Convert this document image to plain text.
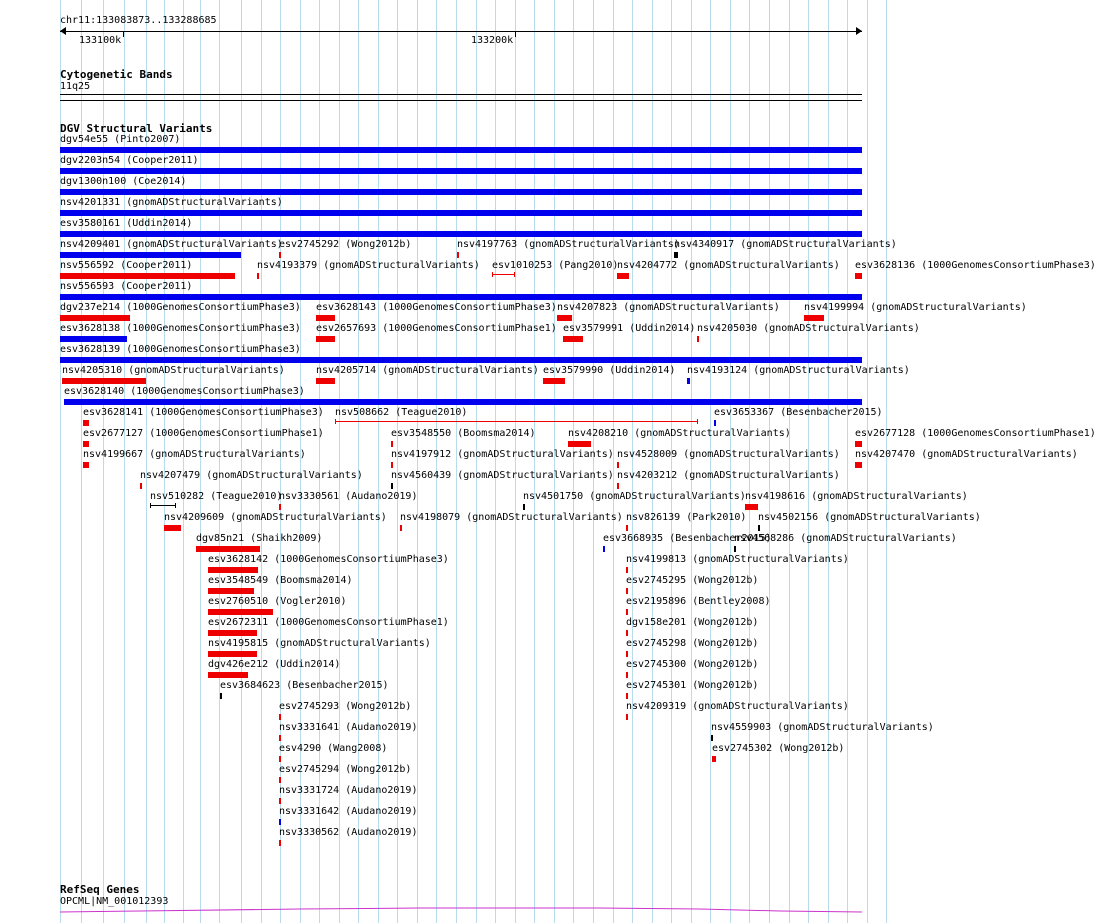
chr11:133083873..133288685
133100k	133200k
Cytogenetic Bands
11q25
DGV Structural Variants
dgv54e55 (Pinto2007)
dgv2203n54 (Cooper2011)
dgv1300n100 (Coe2014)
nsv4201331 (gnomADStructuralVariants)
esv3580161 (Uddin2014)
nsv4209401 (gnomADStructuralVariants)
esv2745292 (Wong2012b)	nsv4197763 (gnomADStructuralVariants)
nsv4340917 (gnomADStructuralVariants)
nsv556592 (Cooper2011)	nsv4193379 (gnomADStructuralVariants) esv1010253 (Pang2010)
nsv4204772 (gnomADStructuralVariants) esv3628136 (1000GenomesConsortiumPhase3)
nsv556593 (Cooper2011)
dgv237e214 (1000GenomesConsortiumPhase3) esv3628143 (1000GenomesConsortiumPhase3) nsv4207823 (gnomADStructuralVariants) nsv4199994 (gnomADStructuralVariants)
esv3628138 (1000GenomesConsortiumPhase3) esv2657693 (1000GenomesConsortiumPhase1) esv3579991 (Uddin2014) nsv4205030 (gnomADStructuralVariants)
esv3628139 (1000GenomesConsortiumPhase3)
nsv4205310 (gnomADStructuralVariants)	nsv4205714 (gnomADStructuralVariants) esv3579990 (Uddin2014) nsv4193124 (gnomADStructuralVariants)
esv3628140 (1000GenomesConsortiumPhase3)
esv3628141 (1000GenomesConsortiumPhase3) nsv508662 (Teague2010)	esv3653367 (Besenbacher2015)
esv2677127 (1000GenomesConsortiumPhase1)	esv3548550 (Boomsma2014)	nsv4208210 (gnomADStructuralVariants)	esv2677128 (1000GenomesConsortiumPhase1)
nsv4199667 (gnomADStructuralVariants)	nsv4197912 (gnomADStructuralVariants) nsv4528009 (gnomADStructuralVariants) nsv4207470 (gnomADStructuralVariants)
nsv4207479 (gnomADStructuralVariants)	nsv4560439 (gnomADStructuralVariants) nsv4203212 (gnomADStructuralVariants)
nsv510282 (Teague2010)
nsv3330561 (Audano2019)	nsv4501750 (gnomADStructuralVariants) nsv4198616 (gnomADStructuralVariants)
nsv4209609 (gnomADStructuralVariants) nsv4198079 (gnomADStructuralVariants) nsv826139 (Park2010) nsv4502156 (gnomADStructuralVariants)
dgv85n21 (Shaikh2009)	esv3668935 (Besenbacher2015)
nsv4568286 (gnomADStructuralVariants)
esv3628142 (1000GenomesConsortiumPhase3)	nsv4199813 (gnomADStructuralVariants)
esv3548549 (Boomsma2014)	esv2745295 (Wong2012b)
esv2760510 (Vogler2010)	esv2195896 (Bentley2008)
esv2672311 (1000GenomesConsortiumPhase1)	dgv158e201 (Wong2012b)
nsv4195815 (gnomADStructuralVariants)	esv2745298 (Wong2012b)
dgv426e212 (Uddin2014)	esv2745300 (Wong2012b)
esv3684623 (Besenbacher2015)	esv2745301 (Wong2012b)
esv2745293 (Wong2012b)	nsv4209319 (gnomADStructuralVariants)
nsv3331641 (Audano2019)	nsv4559903 (gnomADStructuralVariants)
esv4290 (Wang2008)	esv2745302 (Wong2012b)
esv2745294 (Wong2012b)
nsv3331724 (Audano2019)
nsv3331642 (Audano2019)
nsv3330562 (Audano2019)
RefSeq Genes
OPCML|NM_001012393
